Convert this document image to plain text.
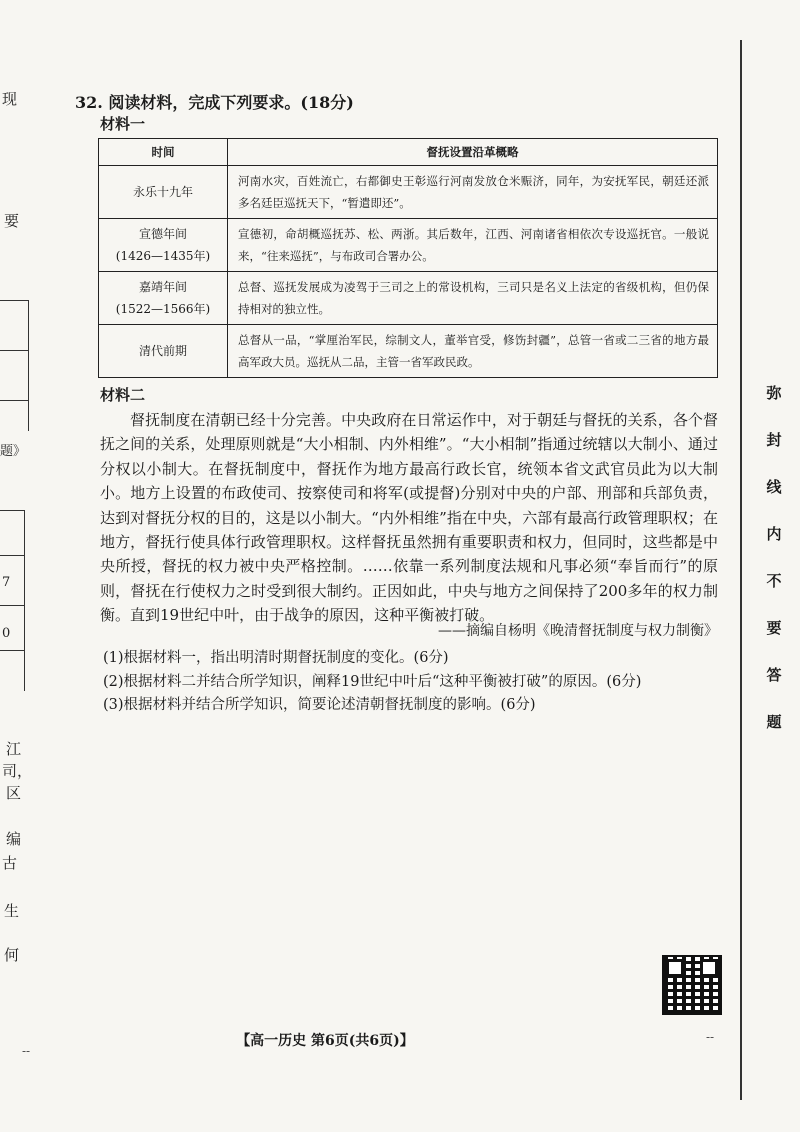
现
要
题》
7
0
江
司，
区
编
古
生
何
32. 阅读材料，完成下列要求。(18分)
材料一
时间	督抚设置沿革概略

永乐十九年	河南水灾，百姓流亡，右都御史王彰巡行河南发放仓米赈济，同年，为安抚军民，朝廷还派多名廷臣巡抚天下，“暂遣即还”。

宣德年间
(1426—1435年)	宣德初，命胡概巡抚苏、松、两浙。其后数年，江西、河南诸省相依次专设巡抚官。一般说来，“往来巡抚”，与布政司合署办公。

嘉靖年间
(1522—1566年)	总督、巡抚发展成为凌驾于三司之上的常设机构，三司只是名义上法定的省级机构，但仍保持相对的独立性。

清代前期	总督从一品，“掌厘治军民，综制文人，董举官受，修饬封疆”，总管一省或二三省的地方最高军政大员。巡抚从二品，主管一省军政民政。
材料二
督抚制度在清朝已经十分完善。中央政府在日常运作中，对于朝廷与督抚的关系，各个督抚之间的关系，处理原则就是“大小相制、内外相维”。“大小相制”指通过统辖以大制小、通过分权以小制大。在督抚制度中，督抚作为地方最高行政长官，统领本省文武官员此为以大制小。地方上设置的布政使司、按察使司和将军(或提督)分别对中央的户部、刑部和兵部负责，达到对督抚分权的目的，这是以小制大。“内外相维”指在中央，六部有最高行政管理职权；在地方，督抚行使具体行政管理职权。这样督抚虽然拥有重要职责和权力，但同时，这些都是中央所授，督抚的权力被中央严格控制。……依靠一系列制度法规和凡事必须“奉旨而行”的原则，督抚在行使权力之时受到很大制约。正因如此，中央与地方之间保持了200多年的权力制衡。直到19世纪中叶，由于战争的原因，这种平衡被打破。
——摘编自杨明《晚清督抚制度与权力制衡》
(1)根据材料一，指出明清时期督抚制度的变化。(6分)
(2)根据材料二并结合所学知识，阐释19世纪中叶后“这种平衡被打破”的原因。(6分)
(3)根据材料并结合所学知识，简要论述清朝督抚制度的影响。(6分)
弥
封
线
内
不
要
答
题
【高一历史 第6页(共6页)】	--
--
